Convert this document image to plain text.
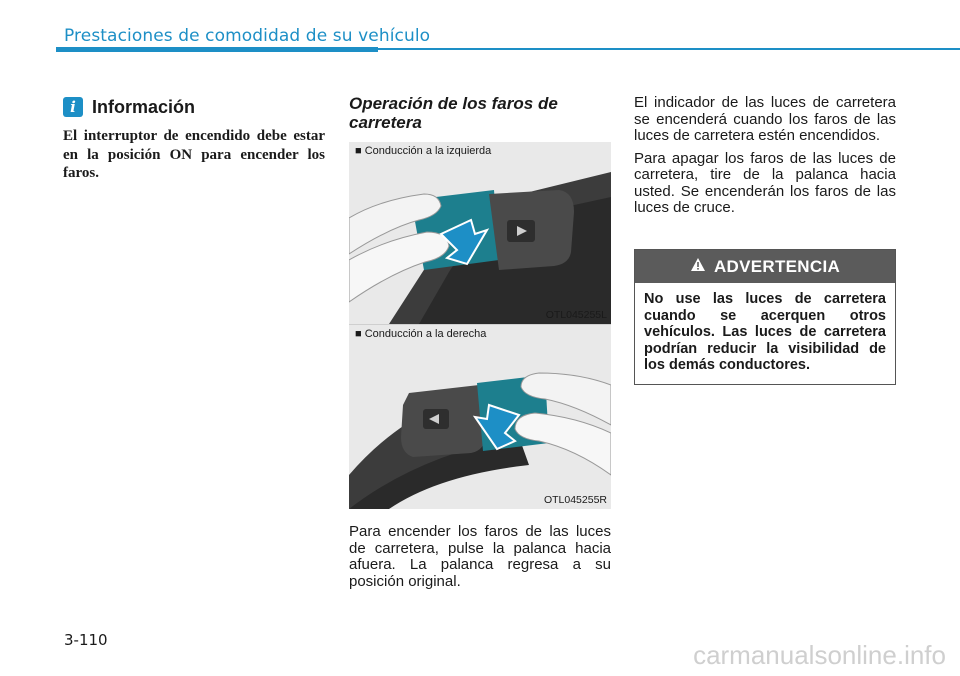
Prestaciones de comodidad de su vehículo
i Información
El interruptor de encendido debe estar en la posición ON para encender los faros.
Operación de los faros de carretera
■ Conducción a la izquierda
OTL045255L
■ Conducción a la derecha
OTL045255R

Para encender los faros de las luces de carretera, pulse la palanca hacia afuera. La palanca regresa a su posición original.

El indicador de las luces de carretera se encenderá cuando los faros de las luces de carretera estén encendidos.

Para apagar los faros de las luces de carretera, tire de la palanca hacia usted. Se encenderán los faros de las luces de cruce.

ADVERTENCIA
No use las luces de carretera cuando se acerquen otros vehículos. Las luces de carretera podrían reducir la visibilidad de los demás conductores.
3-110	carmanualsonline.info
